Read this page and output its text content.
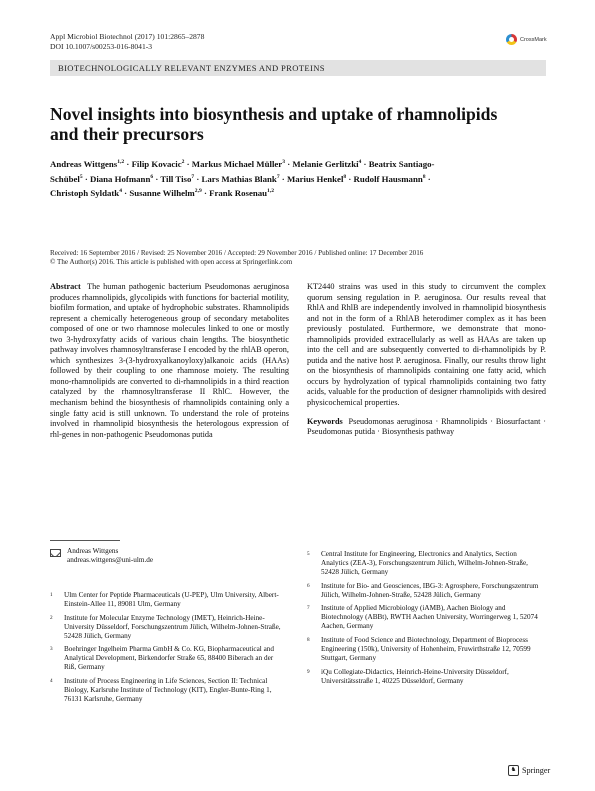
Appl Microbiol Biotechnol (2017) 101:2865–2878
DOI 10.1007/s00253-016-8041-3
CrossMark
BIOTECHNOLOGICALLY RELEVANT ENZYMES AND PROTEINS
Novel insights into biosynthesis and uptake of rhamnolipids and their precursors
Andreas Wittgens$^{1,2}$ · Filip Kovacic$^2$ · Markus Michael Müller$^3$ · Melanie Gerlitzki$^4$ · Beatrix Santiago-Schübel$^5$ · Diana Hofmann$^6$ · Till Tiso$^7$ · Lars Mathias Blank$^7$ · Marius Henkel$^8$ · Rudolf Hausmann$^8$ · Christoph Syldatk$^4$ · Susanne Wilhelm$^{2,9}$ · Frank Rosenau$^{1,2}$
Received: 16 September 2016 / Revised: 25 November 2016 / Accepted: 29 November 2016 / Published online: 17 December 2016
© The Author(s) 2016. This article is published with open access at Springerlink.com
Abstract The human pathogenic bacterium Pseudomonas aeruginosa produces rhamnolipids, glycolipids with functions for bacterial motility, biofilm formation, and uptake of hydrophobic substrates. Rhamnolipids represent a chemically heterogeneous group of secondary metabolites composed of one or two rhamnose molecules linked to one or mostly two 3-hydroxyfatty acids of various chain lengths. The biosynthetic pathway involves rhamnosyltransferase I encoded by the rhlAB operon, which synthesizes 3-(3-hydroxyalkanoyloxy)alkanoic acids (HAAs) followed by their coupling to one rhamnose moiety. The resulting mono-rhamnolipids are converted to di-rhamnolipids in a third reaction catalyzed by the rhamnosyltransferase II RhlC. However, the mechanism behind the biosynthesis of rhamnolipids containing only a single fatty acid is still unknown. To understand the role of proteins involved in rhamnolipid biosynthesis the heterologous expression of rhl-genes in non-pathogenic Pseudomonas putida
KT2440 strains was used in this study to circumvent the complex quorum sensing regulation in P. aeruginosa. Our results reveal that RhlA and RhlB are independently involved in rhamnolipid biosynthesis and not in the form of a RhlAB heterodimer complex as it has been previously postulated. Furthermore, we demonstrate that mono-rhamnolipids provided extracellularly as well as HAAs are taken up into the cell and are subsequently converted to di-rhamnolipids by P. putida and the native host P. aeruginosa. Finally, our results throw light on the biosynthesis of rhamnolipids containing one fatty acid, which occurs by hydrolyzation of typical rhamnolipids containing two fatty acids, valuable for the production of designer rhamnolipids with desired physicochemical properties.
Keywords Pseudomonas aeruginosa · Rhamnolipids · Biosurfactant · Pseudomonas putida · Biosynthesis pathway
Andreas Wittgens
andreas.wittgens@uni-ulm.de
1	Ulm Center for Peptide Pharmaceuticals (U-PEP), Ulm University, Albert-Einstein-Allee 11, 89081 Ulm, Germany
2	Institute for Molecular Enzyme Technology (IMET), Heinrich-Heine-University Düsseldorf, Forschungszentrum Jülich, Wilhelm-Johnen-Straße, 52428 Jülich, Germany
3	Boehringer Ingelheim Pharma GmbH & Co. KG, Biopharmaceutical and Analytical Development, Birkendorfer Straße 65, 88400 Biberach an der Riß, Germany
4	Institute of Process Engineering in Life Sciences, Section II: Technical Biology, Karlsruhe Institute of Technology (KIT), Engler-Bunte-Ring 1, 76131 Karlsruhe, Germany
5	Central Institute for Engineering, Electronics and Analytics, Section Analytics (ZEA-3), Forschungszentrum Jülich, Wilhelm-Johnen-Straße, 52428 Jülich, Germany
6	Institute for Bio- and Geosciences, IBG-3: Agrosphere, Forschungszentrum Jülich, Wilhelm-Johnen-Straße, 52428 Jülich, Germany
7	Institute of Applied Microbiology (iAMB), Aachen Biology and Biotechnology (ABBt), RWTH Aachen University, Worringerweg 1, 52074 Aachen, Germany
8	Institute of Food Science and Biotechnology, Department of Bioprocess Engineering (150k), University of Hohenheim, Fruwirthstraße 12, 70599 Stuttgart, Germany
9	iQu Collegiate-Didactics, Heinrich-Heine-University Düsseldorf, Universitätsstraße 1, 40225 Düsseldorf, Germany
♞ Springer
